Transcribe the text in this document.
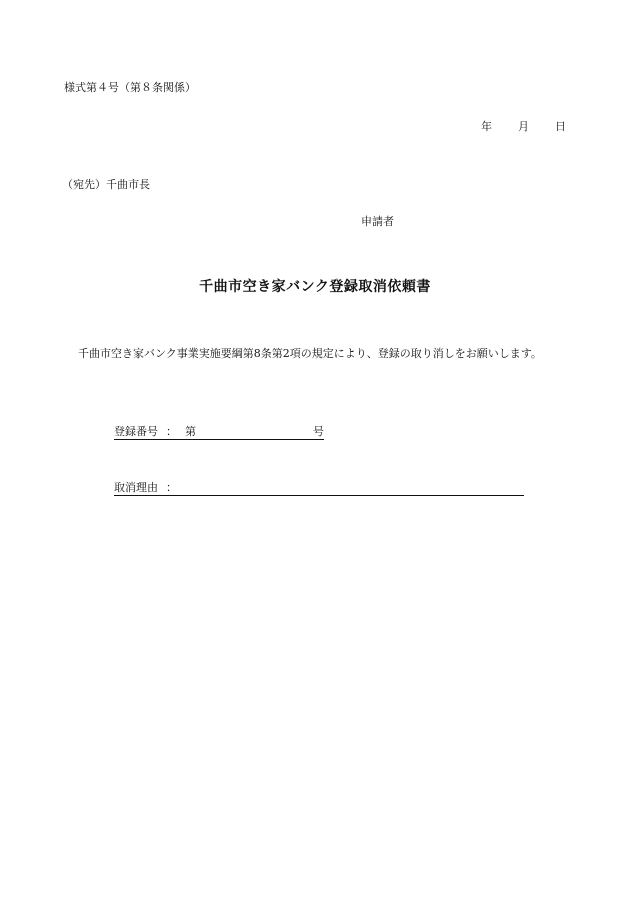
様式第４号（第８条関係）
年 月 日
（宛先）千曲市長
申請者
千曲市空き家バンク登録取消依頼書
千曲市空き家バンク事業実施要綱第8条第2項の規定により、登録の取り消しをお願いします。
登録番号 ： 第	号
取消理由 ：
